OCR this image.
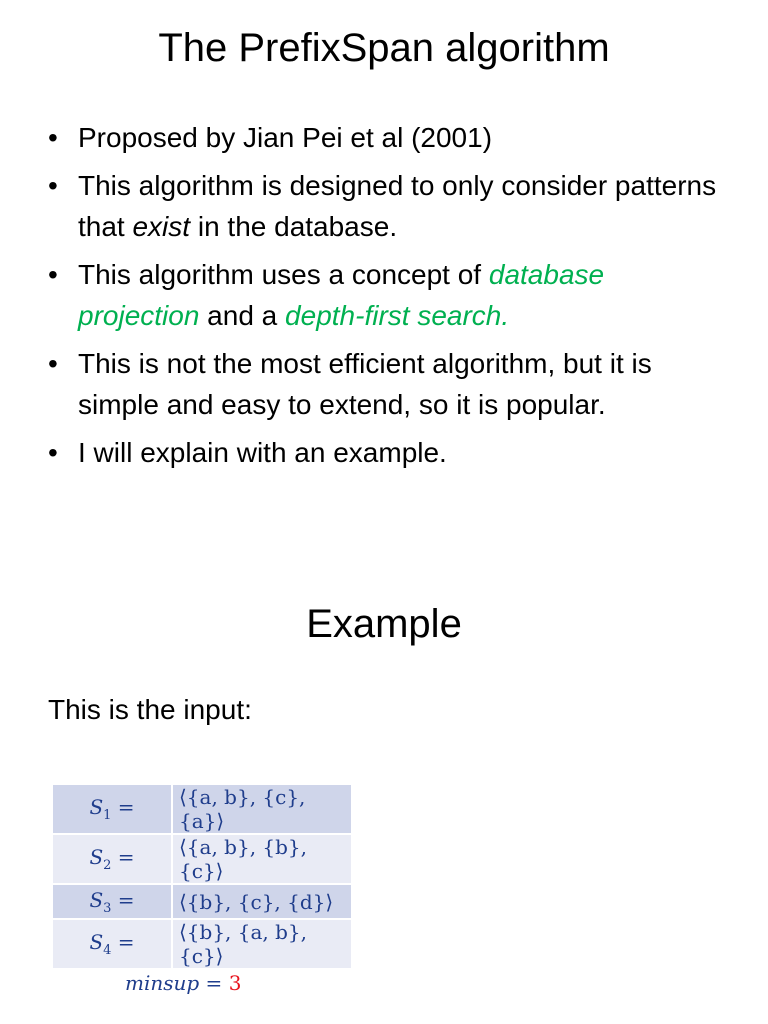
The PrefixSpan algorithm
• Proposed by Jian Pei et al (2001)
• This algorithm is designed to only consider patterns that exist in the database.
• This algorithm uses a concept of database projection and a depth-first search.
• This is not the most efficient algorithm, but it is simple and easy to extend, so it is popular.
• I will explain with an example.
Example

This is the input:

$S_1$ =	⟨{a, b}, {c}, {a}⟩
$S_2$ =	⟨{a, b}, {b}, {c}⟩
$S_3$ =	⟨{b}, {c}, {d}⟩
$S_4$ =	⟨{b}, {a, b}, {c}⟩
minsup = 3
